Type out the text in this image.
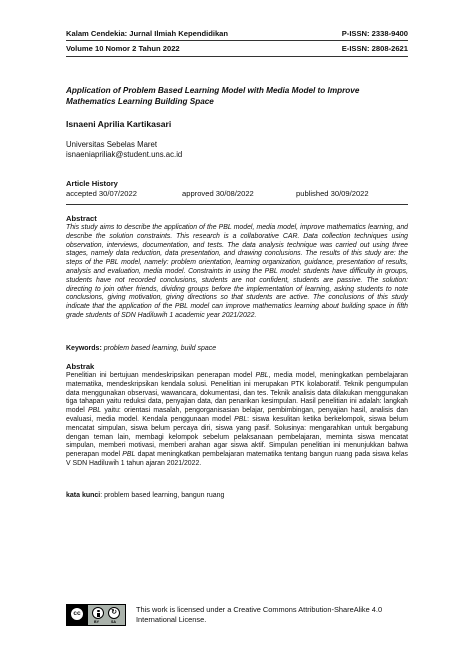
Kalam Cendekia: Jurnal Ilmiah Kependidikan	P-ISSN: 2338-9400
Volume 10 Nomor 2 Tahun 2022	E-ISSN: 2808-2621
Application of Problem Based Learning Model with Media Model to Improve Mathematics Learning Building Space
Isnaeni Aprilia Kartikasari
Universitas Sebelas Maret
isnaeniapriliak@student.uns.ac.id
Article History
accepted 30/07/2022	approved 30/08/2022	published 30/09/2022
Abstract
This study aims to describe the application of the PBL model, media model, improve mathematics learning, and describe the solution constraints. This research is a collaborative CAR. Data collection techniques using observation, interviews, documentation, and tests. The data analysis technique was carried out using three stages, namely data reduction, data presentation, and drawing conclusions. The results of this study are: the steps of the PBL model, namely: problem orientation, learning organization, guidance, presentation of results, analysis and evaluation, media model. Constraints in using the PBL model: students have difficulty in groups, students have not recorded conclusions, students are not confident, students are passive. The solution: directing to join other friends, dividing groups before the implementation of learning, asking students to note conclusions, giving motivation, giving directions so that students are active. The conclusions of this study indicate that the application of the PBL model can improve mathematics learning about building space in fifth grade students of SDN Hadiluwih 1 academic year 2021/2022.
Keywords: problem based learning, build space
Abstrak
Penelitian ini bertujuan mendeskripsikan penerapan model PBL, media model, meningkatkan pembelajaran matematika, mendeskripsikan kendala solusi. Penelitian ini merupakan PTK kolaboratif. Teknik pengumpulan data menggunakan observasi, wawancara, dokumentasi, dan tes. Teknik analisis data dilakukan menggunakan tiga tahapan yaitu reduksi data, penyajian data, dan penarikan kesimpulan. Hasil penelitian ini adalah: langkah model PBL yaitu: orientasi masalah, pengorganisasian belajar, pembimbingan, penyajian hasil, analisis dan evaluasi, media model. Kendala penggunaan model PBL: siswa kesulitan ketika berkelompok, siswa belum mencatat simpulan, siswa belum percaya diri, siswa yang pasif. Solusinya: mengarahkan untuk bergabung dengan teman lain, membagi kelompok sebelum pelaksanaan pembelajaran, meminta siswa mencatat simpulan, memberi motivasi, memberi arahan agar siswa aktif. Simpulan penelitian ini menunjukkan bahwa penerapan model PBL dapat meningkatkan pembelajaran matematika tentang bangun ruang pada siswa kelas V SDN Hadiluwih 1 tahun ajaran 2021/2022.
kata kunci: problem based learning, bangun ruang
cc	↻
BY	SA
This work is licensed under a Creative Commons Attribution-ShareAlike 4.0 International License.
